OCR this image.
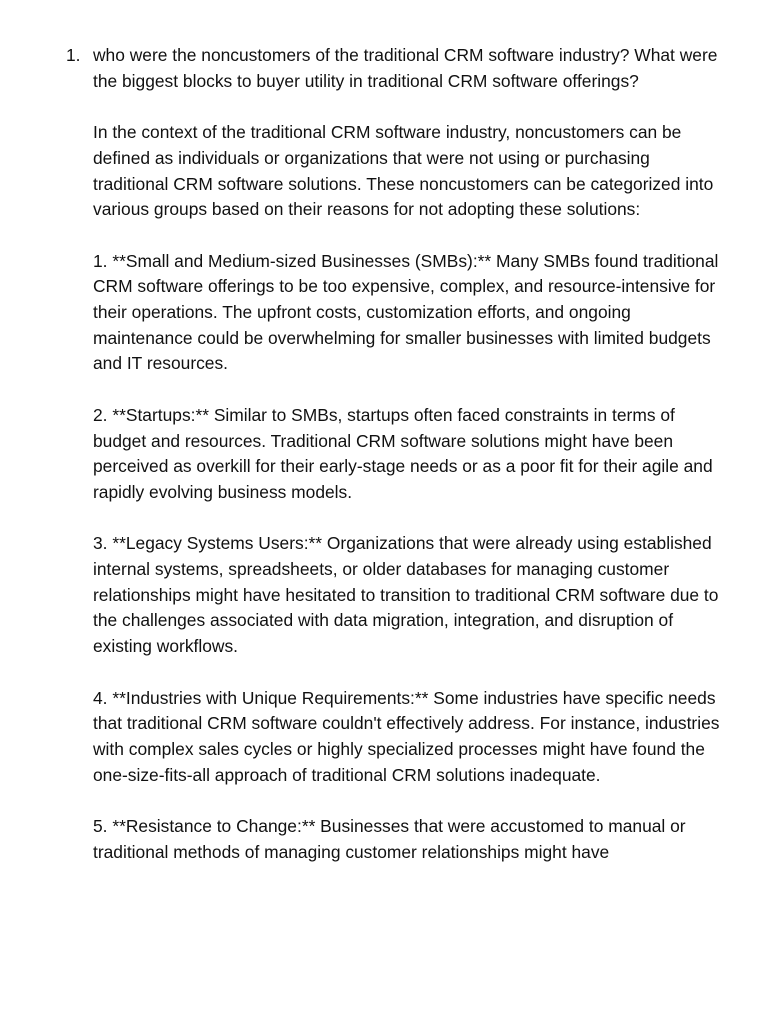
1. who were the noncustomers of the traditional CRM software industry? What were the biggest blocks to buyer utility in traditional CRM software offerings?

In the context of the traditional CRM software industry, noncustomers can be defined as individuals or organizations that were not using or purchasing traditional CRM software solutions. These noncustomers can be categorized into various groups based on their reasons for not adopting these solutions:

1. **Small and Medium-sized Businesses (SMBs):** Many SMBs found traditional CRM software offerings to be too expensive, complex, and resource-intensive for their operations. The upfront costs, customization efforts, and ongoing maintenance could be overwhelming for smaller businesses with limited budgets and IT resources.

2. **Startups:** Similar to SMBs, startups often faced constraints in terms of budget and resources. Traditional CRM software solutions might have been perceived as overkill for their early-stage needs or as a poor fit for their agile and rapidly evolving business models.

3. **Legacy Systems Users:** Organizations that were already using established internal systems, spreadsheets, or older databases for managing customer relationships might have hesitated to transition to traditional CRM software due to the challenges associated with data migration, integration, and disruption of existing workflows.

4. **Industries with Unique Requirements:** Some industries have specific needs that traditional CRM software couldn't effectively address. For instance, industries with complex sales cycles or highly specialized processes might have found the one-size-fits-all approach of traditional CRM solutions inadequate.

5. **Resistance to Change:** Businesses that were accustomed to manual or traditional methods of managing customer relationships might have
